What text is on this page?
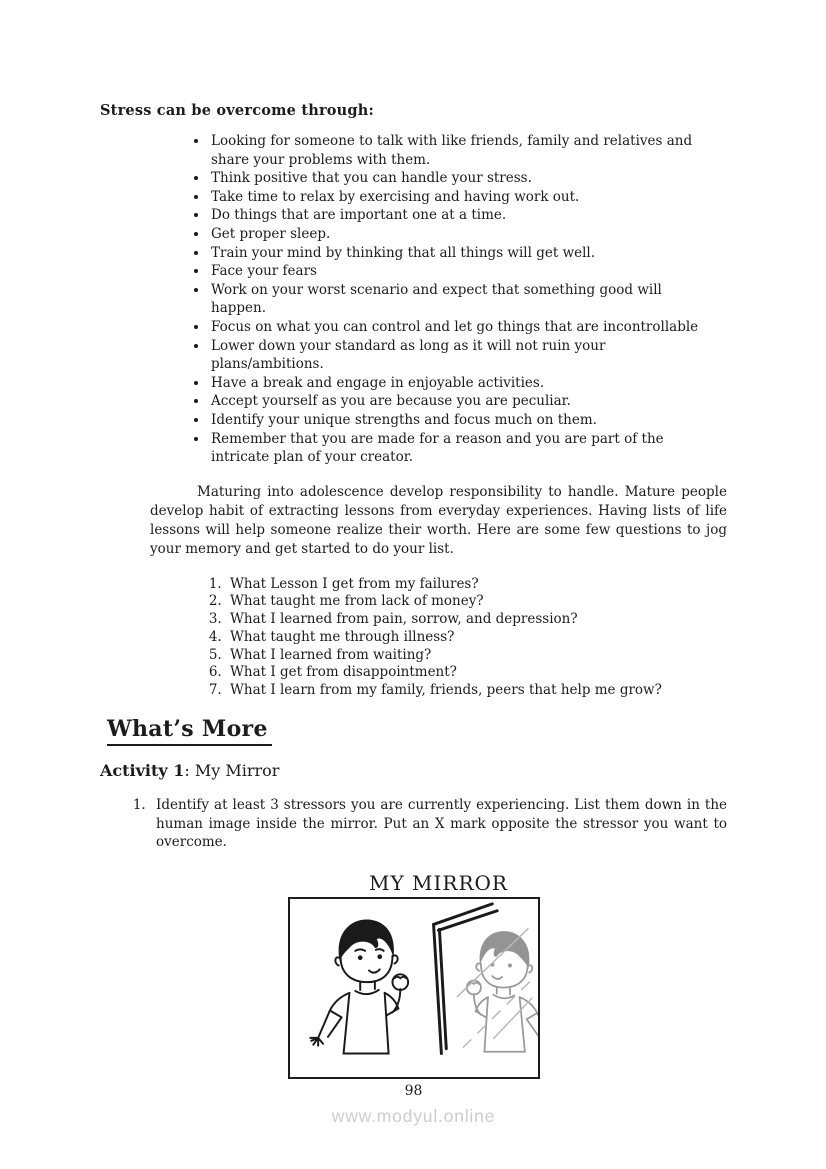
Stress can be overcome through:
• Looking for someone to talk with like friends, family and relatives and share your problems with them.
• Think positive that you can handle your stress.
• Take time to relax by exercising and having work out.
• Do things that are important one at a time.
• Get proper sleep.
• Train your mind by thinking that all things will get well.
• Face your fears
• Work on your worst scenario and expect that something good will happen.
• Focus on what you can control and let go things that are incontrollable
• Lower down your standard as long as it will not ruin your plans/ambitions.
• Have a break and engage in enjoyable activities.
• Accept yourself as you are because you are peculiar.
• Identify your unique strengths and focus much on them.
• Remember that you are made for a reason and you are part of the intricate plan of your creator.

Maturing into adolescence develop responsibility to handle. Mature people develop habit of extracting lessons from everyday experiences. Having lists of life lessons will help someone realize their worth. Here are some few questions to jog your memory and get started to do your list.

1. What Lesson I get from my failures?
2. What taught me from lack of money?
3. What I learned from pain, sorrow, and depression?
4. What taught me through illness?
5. What I learned from waiting?
6. What I get from disappointment?
7. What I learn from my family, friends, peers that help me grow?
What’s More
Activity 1: My Mirror
1. Identify at least 3 stressors you are currently experiencing. List them down in the human image inside the mirror. Put an X mark opposite the stressor you want to overcome.
MY MIRROR
98
www.modyul.online
